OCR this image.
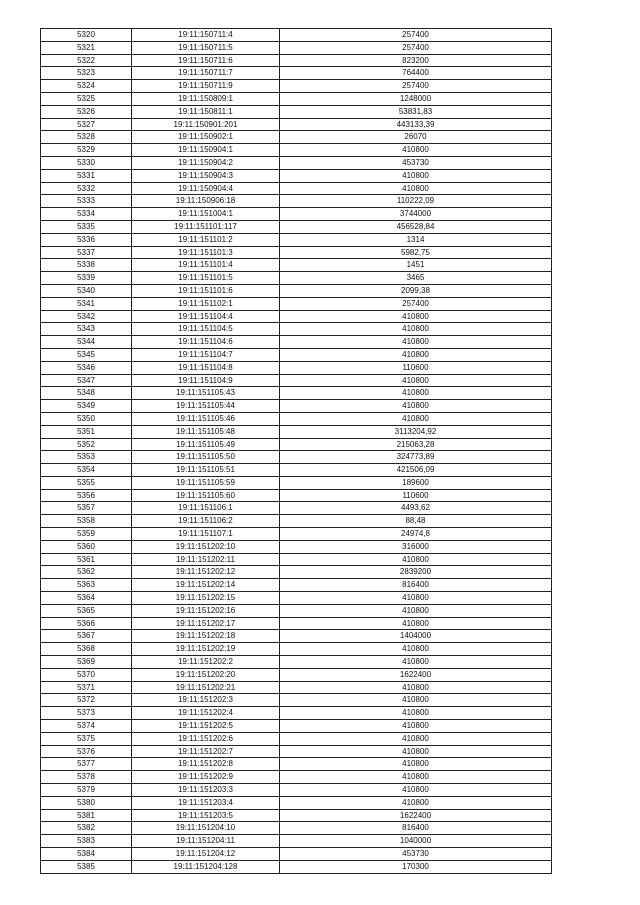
5320	19:11:150711:4	257400
5321	19:11:150711:5	257400
5322	19:11:150711:6	823200
5323	19:11:150711:7	764400
5324	19:11:150711:9	257400
5325	19:11:150809:1	1248000
5326	19:11:150811:1	53831,83
5327	19:11:150901:201	443133,39
5328	19:11:150902:1	26070
5329	19:11:150904:1	410800
5330	19:11:150904:2	453730
5331	19:11:150904:3	410800
5332	19:11:150904:4	410800
5333	19:11:150906:18	110222,09
5334	19:11:151004:1	3744000
5335	19:11:151101:117	456528,84
5336	19:11:151101:2	1314
5337	19:11:151101:3	5982,75
5338	19:11:151101:4	1451
5339	19:11:151101:5	3465
5340	19:11:151101:6	2099,38
5341	19:11:151102:1	257400
5342	19:11:151104:4	410800
5343	19:11:151104:5	410800
5344	19:11:151104:6	410800
5345	19:11:151104:7	410800
5346	19:11:151104:8	110600
5347	19:11:151104:9	410800
5348	19:11:151105:43	410800
5349	19:11:151105:44	410800
5350	19:11:151105:46	410800
5351	19:11:151105:48	3113204,92
5352	19:11:151105:49	215063,28
5353	19:11:151105:50	324773,89
5354	19:11:151105:51	421506,09
5355	19:11:151105:59	189600
5356	19:11:151105:60	110600
5357	19:11:151106:1	4493,62
5358	19:11:151106:2	88,48
5359	19:11:151107:1	24974,8
5360	19:11:151202:10	316000
5361	19:11:151202:11	410800
5362	19:11:151202:12	2839200
5363	19:11:151202:14	816400
5364	19:11:151202:15	410800
5365	19:11:151202:16	410800
5366	19:11:151202:17	410800
5367	19:11:151202:18	1404000
5368	19:11:151202:19	410800
5369	19:11:151202:2	410800
5370	19:11:151202:20	1622400
5371	19:11:151202:21	410800
5372	19:11:151202:3	410800
5373	19:11:151202:4	410800
5374	19:11:151202:5	410800
5375	19:11:151202:6	410800
5376	19:11:151202:7	410800
5377	19:11:151202:8	410800
5378	19:11:151202:9	410800
5379	19:11:151203:3	410800
5380	19:11:151203:4	410800
5381	19:11:151203:5	1622400
5382	19:11:151204:10	816400
5383	19:11:151204:11	1040000
5384	19:11:151204:12	453730
5385	19:11:151204:128	170300
